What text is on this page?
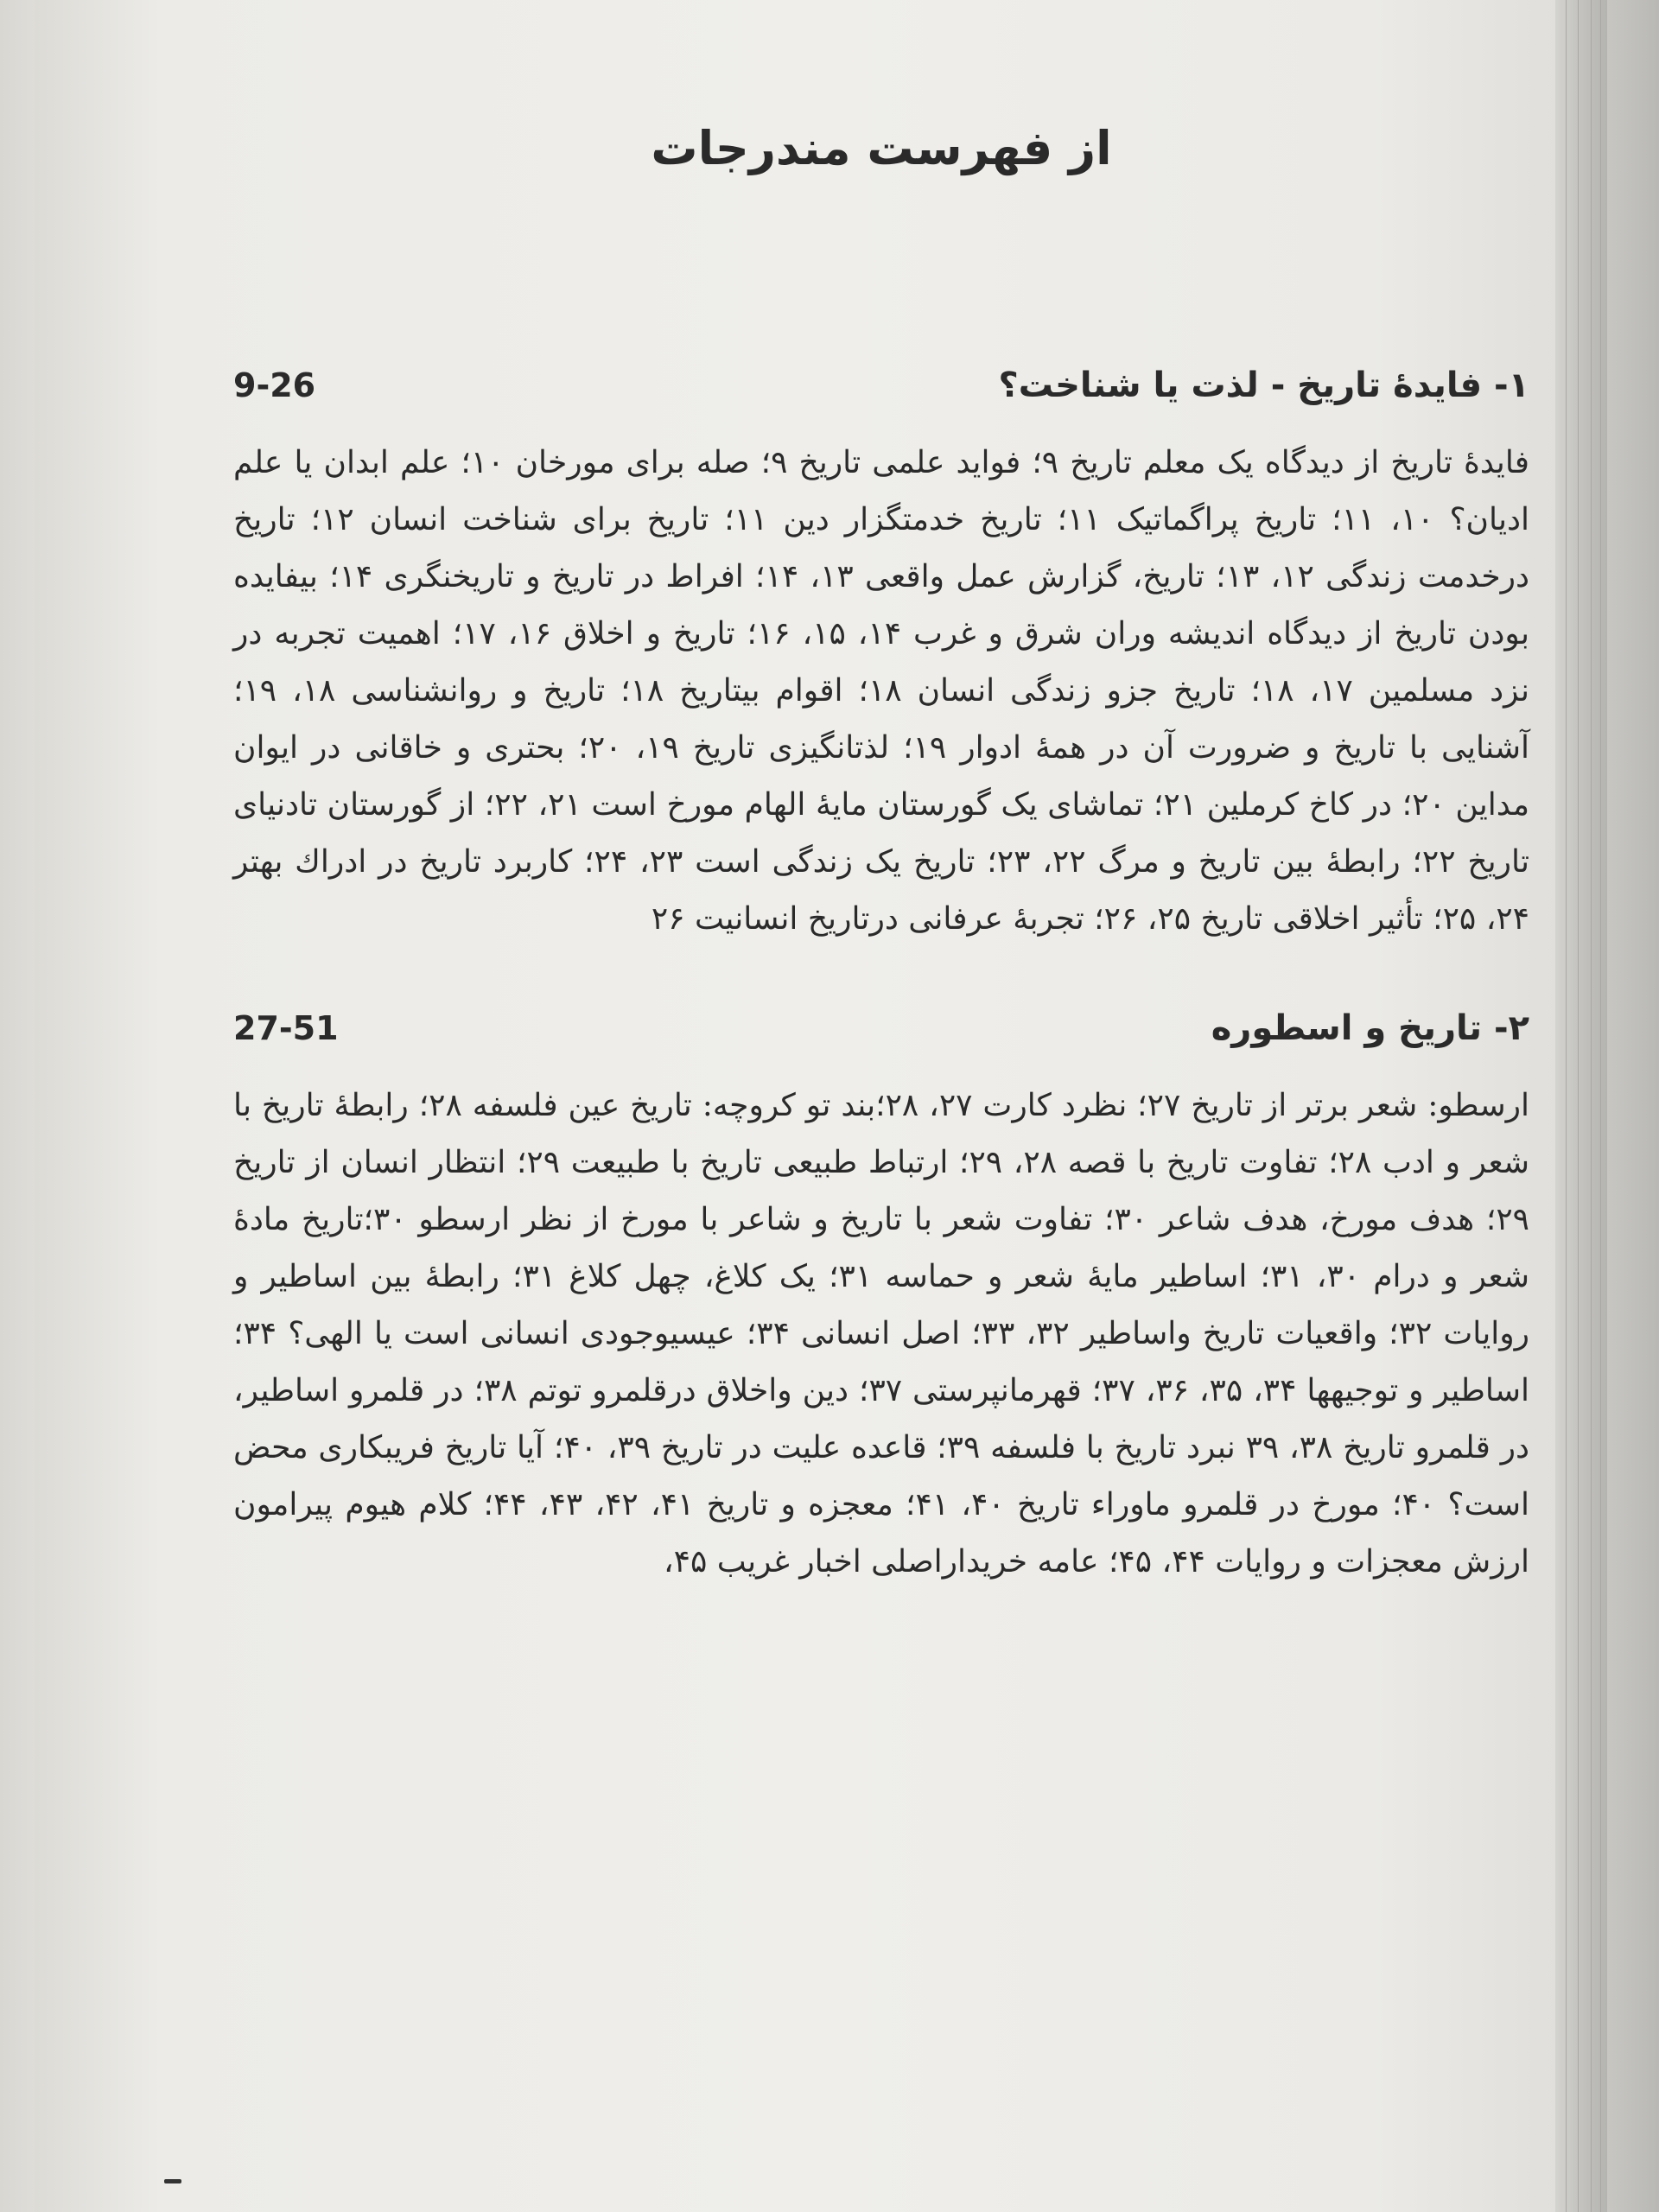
از فهرست مندرجات
۱- فایدهٔ تاریخ - لذت یا شناخت؟
9-26
فایدهٔ تاریخ از دیدگاه یک معلم تاریخ ۹؛ فواید علمی تاریخ ۹؛ صله برای مورخان ۱۰؛ علم ابدان یا علم ادیان؟ ۱۰، ۱۱؛ تاریخ پراگماتیک ۱۱؛ تاریخ خدمتگزار دین ۱۱؛ تاریخ برای شناخت انسان ۱۲؛ تاریخ درخدمت زندگی ۱۲، ۱۳؛ تاریخ، گزارش عمل واقعی ۱۳، ۱۴؛ افراط در تاریخ و تاریخنگری ۱۴؛ بیفایده بودن تاریخ از دیدگاه اندیشه وران شرق و غرب ۱۴، ۱۵، ۱۶؛ تاریخ و اخلاق ۱۶، ۱۷؛ اهمیت تجربه در نزد مسلمین ۱۷، ۱۸؛ تاریخ جزو زندگی انسان ۱۸؛ اقوام بیتاریخ ۱۸؛ تاریخ و روانشناسی ۱۸، ۱۹؛ آشنایی با تاریخ و ضرورت آن در همهٔ ادوار ۱۹؛ لذتانگیزی تاریخ ۱۹، ۲۰؛ بحتری و خاقانی در ایوان مداین ۲۰؛ در کاخ کرملین ۲۱؛ تماشای یک گورستان مایهٔ الهام مورخ است ۲۱، ۲۲؛ از گورستان تادنیای تاریخ ۲۲؛ رابطهٔ بین تاریخ و مرگ ۲۲، ۲۳؛ تاریخ یک زندگی است ۲۳، ۲۴؛ کاربرد تاریخ در ادراك بهتر ۲۴، ۲۵؛ تأثیر اخلاقی تاریخ ۲۵، ۲۶؛ تجربهٔ عرفانی درتاریخ انسانیت ۲۶
۲- تاریخ و اسطوره
27-51
ارسطو: شعر برتر از تاریخ ۲۷؛ نظرد کارت ۲۷، ۲۸؛بند تو کروچه: تاریخ عین فلسفه ۲۸؛ رابطهٔ تاریخ با شعر و ادب ۲۸؛ تفاوت تاریخ با قصه ۲۸، ۲۹؛ ارتباط طبیعی تاریخ با طبیعت ۲۹؛ انتظار انسان از تاریخ ۲۹؛ هدف مورخ، هدف شاعر ۳۰؛ تفاوت شعر با تاریخ و شاعر با مورخ از نظر ارسطو ۳۰؛تاریخ مادهٔ شعر و درام ۳۰، ۳۱؛ اساطیر مایهٔ شعر و حماسه ۳۱؛ یک کلاغ، چهل کلاغ ۳۱؛ رابطهٔ بین اساطیر و روایات ۳۲؛ واقعیات تاریخ واساطیر ۳۲، ۳۳؛ اصل انسانی ۳۴؛ عیسیوجودی انسانی است یا الهی؟ ۳۴؛ اساطیر و توجیهها ۳۴، ۳۵، ۳۶، ۳۷؛ قهرمانپرستی ۳۷؛ دین واخلاق درقلمرو توتم ۳۸؛ در قلمرو اساطیر، در قلمرو تاریخ ۳۸، ۳۹ نبرد تاریخ با فلسفه ۳۹؛ قاعده علیت در تاریخ ۳۹، ۴۰؛ آیا تاریخ فریبکاری محض است؟ ۴۰؛ مورخ در قلمرو ماوراء تاریخ ۴۰، ۴۱؛ معجزه و تاریخ ۴۱، ۴۲، ۴۳، ۴۴؛ کلام هیوم پیرامون ارزش معجزات و روایات ۴۴، ۴۵؛ عامه خریداراصلی اخبار غریب ۴۵،
